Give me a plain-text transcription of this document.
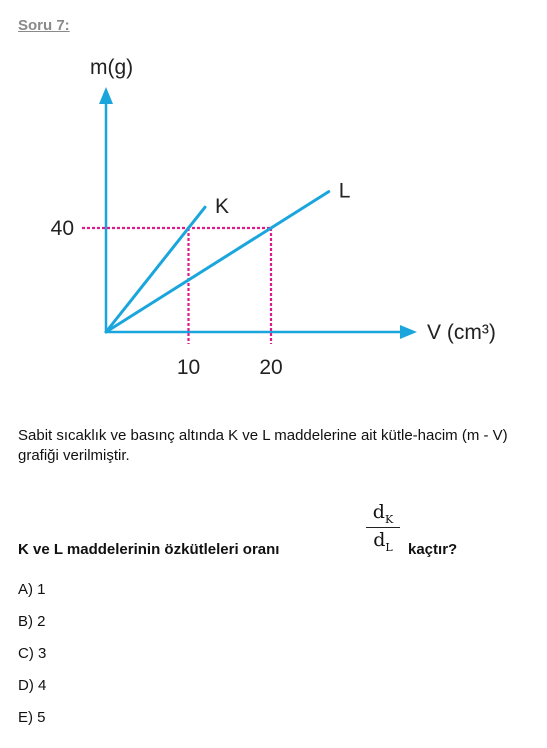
Soru 7:
m(g)
V (cm³)
K
L
10	20
40
Sabit sıcaklık ve basınç altında K ve L maddelerine ait kütle-hacim (m - V) grafiği verilmiştir.
K ve L maddelerinin özkütleleri oranı
$d_K$
$d_L$	kaçtır?
A) 1
B) 2
C) 3
D) 4
E) 5
